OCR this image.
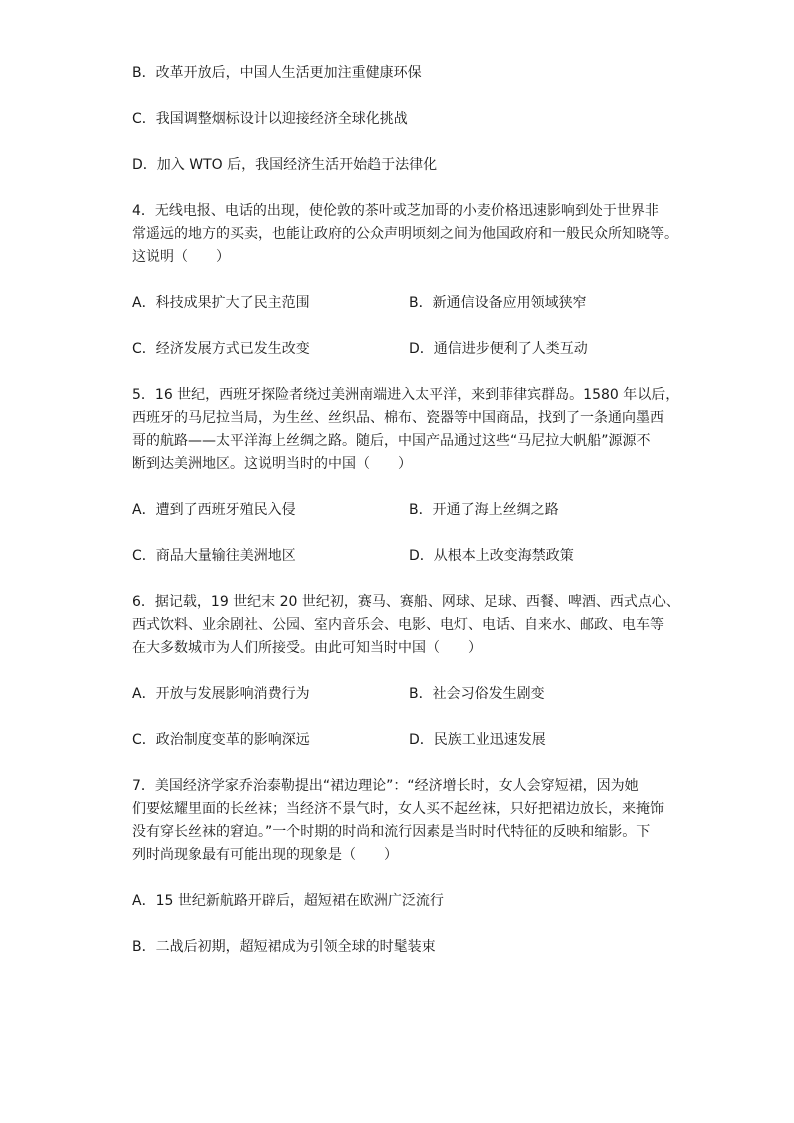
B．改革开放后，中国人生活更加注重健康环保
C．我国调整烟标设计以迎接经济全球化挑战
D．加入 WTO 后，我国经济生活开始趋于法律化
4．无线电报、电话的出现，使伦敦的茶叶或芝加哥的小麦价格迅速影响到处于世界非
常遥远的地方的买卖，也能让政府的公众声明顷刻之间为他国政府和一般民众所知晓等。
这说明（　　）
A．科技成果扩大了民主范围	B．新通信设备应用领域狭窄
C．经济发展方式已发生改变	D．通信进步便利了人类互动
5．16 世纪，西班牙探险者绕过美洲南端进入太平洋，来到菲律宾群岛。1580 年以后，
西班牙的马尼拉当局，为生丝、丝织品、棉布、瓷器等中国商品，找到了一条通向墨西
哥的航路——太平洋海上丝绸之路。随后，中国产品通过这些“马尼拉大帆船”源源不
断到达美洲地区。这说明当时的中国（　　）
A．遭到了西班牙殖民入侵	B．开通了海上丝绸之路
C．商品大量输往美洲地区	D．从根本上改变海禁政策
6．据记载，19 世纪末 20 世纪初，赛马、赛船、网球、足球、西餐、啤酒、西式点心、
西式饮料、业余剧社、公园、室内音乐会、电影、电灯、电话、自来水、邮政、电车等
在大多数城市为人们所接受。由此可知当时中国（　　）
A．开放与发展影响消费行为	B．社会习俗发生剧变
C．政治制度变革的影响深远	D．民族工业迅速发展
7．美国经济学家乔治泰勒提出“裙边理论”：“经济增长时，女人会穿短裙，因为她
们要炫耀里面的长丝袜；当经济不景气时，女人买不起丝袜，只好把裙边放长，来掩饰
没有穿长丝袜的窘迫。”一个时期的时尚和流行因素是当时时代特征的反映和缩影。下
列时尚现象最有可能出现的现象是（　　）
A．15 世纪新航路开辟后，超短裙在欧洲广泛流行
B．二战后初期，超短裙成为引领全球的时髦装束
